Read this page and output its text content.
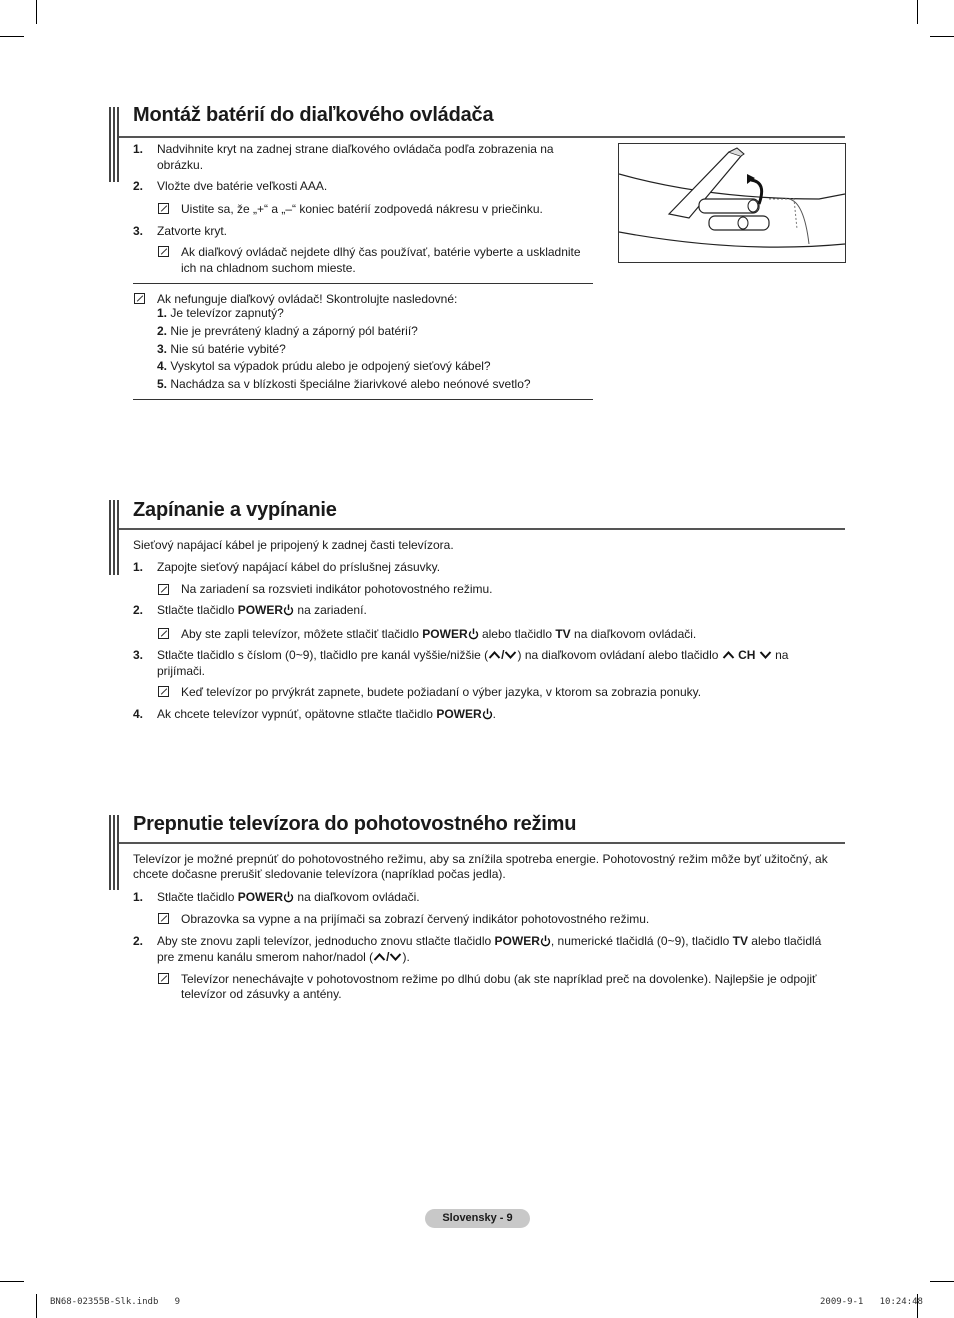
Montáž batérií do diaľkového ovládača
1. Nadvihnite kryt na zadnej strane diaľkového ovládača podľa zobrazenia na obrázku.
2. Vložte dve batérie veľkosti AAA.
Uistite sa, že „+“ a „–“ koniec batérií zodpovedá nákresu v priečinku.
3. Zatvorte kryt.
Ak diaľkový ovládač nejdete dlhý čas používať, batérie vyberte a uskladnite ich na chladnom suchom mieste.
Ak nefunguje diaľkový ovládač! Skontrolujte nasledovné:
1. Je televízor zapnutý?
2. Nie je prevrátený kladný a záporný pól batérií?
3. Nie sú batérie vybité?
4. Vyskytol sa výpadok prúdu alebo je odpojený sieťový kábel?
5. Nachádza sa v blízkosti špeciálne žiarivkové alebo neónové svetlo?
Zapínanie a vypínanie
Sieťový napájací kábel je pripojený k zadnej časti televízora.
1. Zapojte sieťový napájací kábel do príslušnej zásuvky.
Na zariadení sa rozsvieti indikátor pohotovostného režimu.
2. Stlačte tlačidlo POWER na zariadení.
Aby ste zapli televízor, môžete stlačiť tlačidlo POWER alebo tlačidlo TV na diaľkovom ovládači.
3. Stlačte tlačidlo s číslom (0~9), tlačidlo pre kanál vyššie/nižšie ( / ) na diaľkovom ovládaní alebo tlačidlo  CH  na
prijímači.
Keď televízor po prvýkrát zapnete, budete požiadaní o výber jazyka, v ktorom sa zobrazia ponuky.
4. Ak chcete televízor vypnúť, opätovne stlačte tlačidlo POWER .
Prepnutie televízora do pohotovostného režimu
Televízor je možné prepnúť do pohotovostného režimu, aby sa znížila spotreba energie. Pohotovostný režim môže byť užitočný, ak
chcete dočasne prerušiť sledovanie televízora (napríklad počas jedla).
1. Stlačte tlačidlo POWER na diaľkovom ovládači.
Obrazovka sa vypne a na prijímači sa zobrazí červený indikátor pohotovostného režimu.
2. Aby ste znovu zapli televízor, jednoducho znovu stlačte tlačidlo POWER , numerické tlačidlá (0~9), tlačidlo TV alebo tlačidlá
pre zmenu kanálu smerom nahor/nadol ( / ).
Televízor nenechávajte v pohotovostnom režime po dlhú dobu (ak ste napríklad preč na dovolenke). Najlepšie je odpojiť
televízor od zásuvky a antény.
Slovensky - 9
BN68-02355B-Slk.indb   9	2009-9-1   10:24:48
